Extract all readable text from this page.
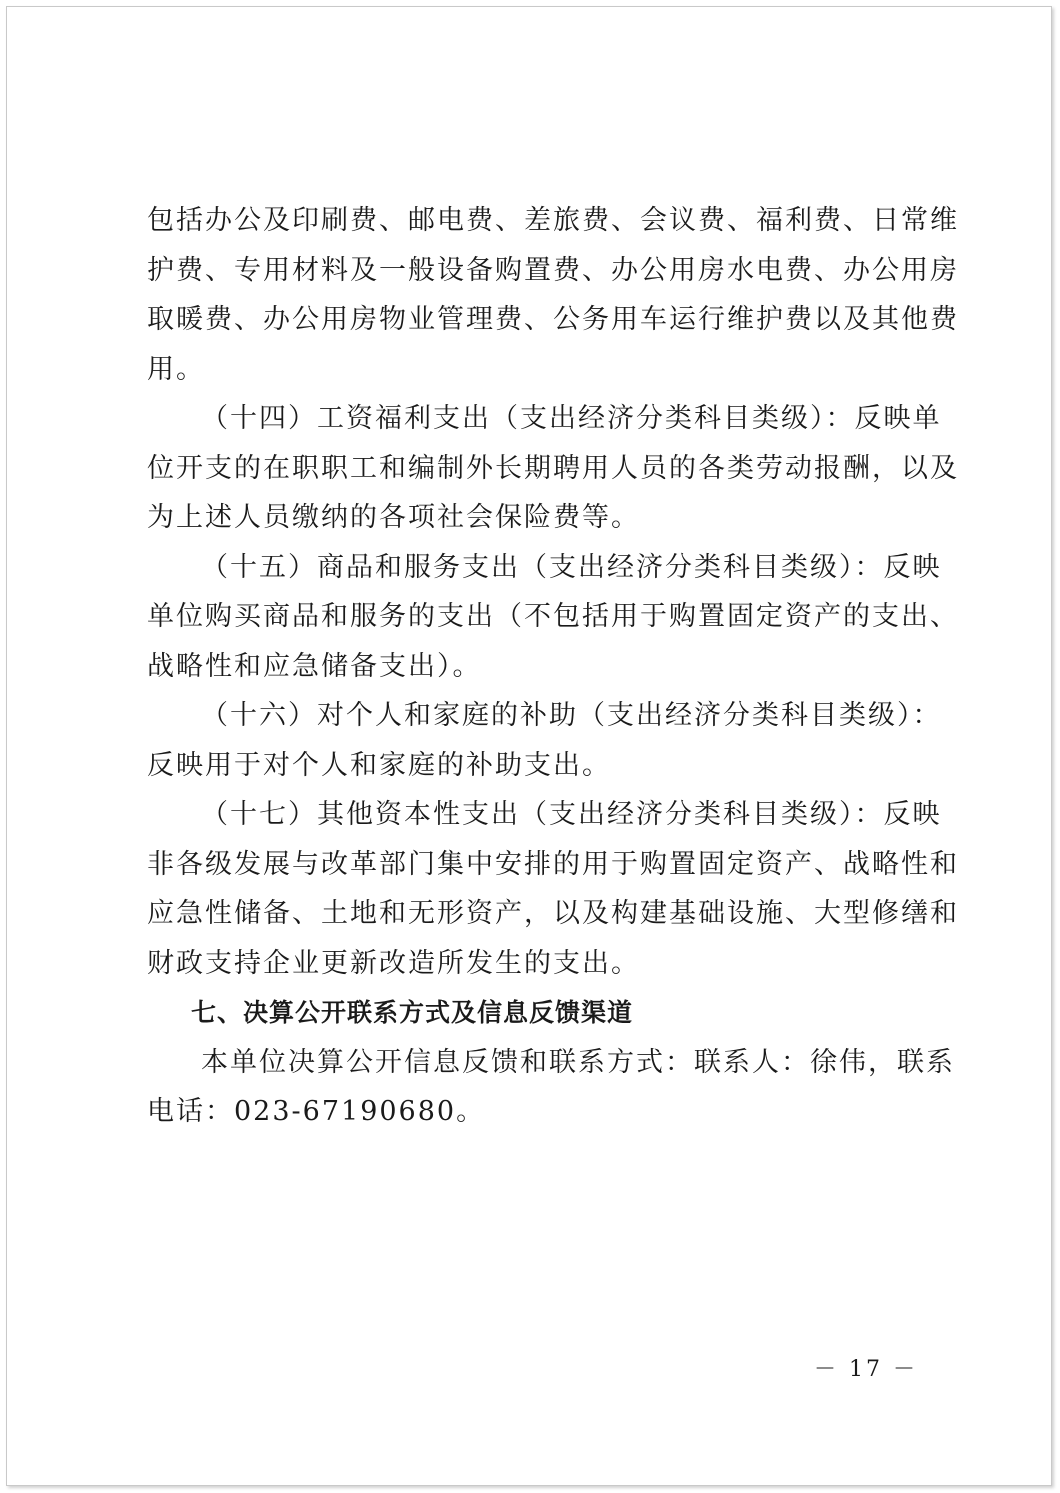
包括办公及印刷费、邮电费、差旅费、会议费、福利费、日常维
护费、专用材料及一般设备购置费、办公用房水电费、办公用房
取暖费、办公用房物业管理费、公务用车运行维护费以及其他费
用。
（十四）工资福利支出（支出经济分类科目类级）：反映单
位开支的在职职工和编制外长期聘用人员的各类劳动报酬，以及
为上述人员缴纳的各项社会保险费等。
（十五）商品和服务支出（支出经济分类科目类级）：反映
单位购买商品和服务的支出（不包括用于购置固定资产的支出、
战略性和应急储备支出）。
（十六）对个人和家庭的补助（支出经济分类科目类级）：
反映用于对个人和家庭的补助支出。
（十七）其他资本性支出（支出经济分类科目类级）：反映
非各级发展与改革部门集中安排的用于购置固定资产、战略性和
应急性储备、土地和无形资产，以及构建基础设施、大型修缮和
财政支持企业更新改造所发生的支出。
七、决算公开联系方式及信息反馈渠道
本单位决算公开信息反馈和联系方式：联系人：徐伟，联系
电话：023-67190680。
－ 17 －
